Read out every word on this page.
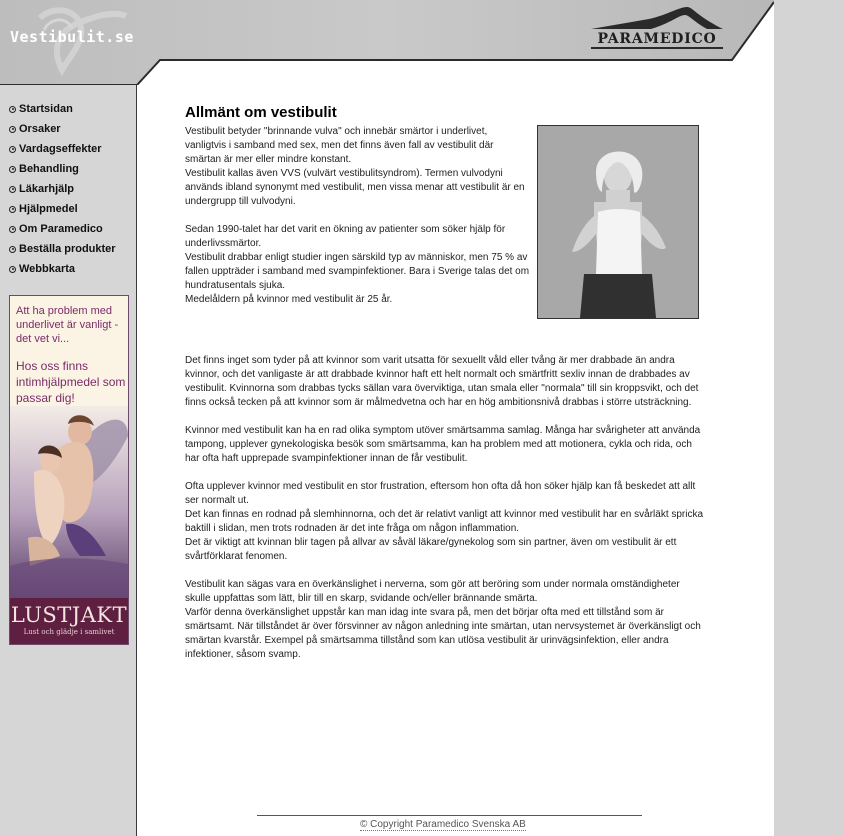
Vestibulit.se	PARAMEDICO
Startsidan
Orsaker
Vardagseffekter
Behandling
Läkarhjälp
Hjälpmedel
Om Paramedico
Beställa produkter
Webbkarta
Att ha problem med underlivet är vanligt - det vet vi...
Hos oss finns intimhjälpmedel som passar dig!
LUSTJAKT
Lust och glädje i samlivet
Allmänt om vestibulit

Vestibulit betyder "brinnande vulva" och innebär smärtor i underlivet, vanligtvis i samband med sex, men det finns även fall av vestibulit där smärtan är mer eller mindre konstant.

Vestibulit kallas även VVS (vulvärt vestibulitsyndrom). Termen vulvodyni används ibland synonymt med vestibulit, men vissa menar att vestibulit är en undergrupp till vulvodyni.

Sedan 1990-talet har det varit en ökning av patienter som söker hjälp för underlivssmärtor.

Vestibulit drabbar enligt studier ingen särskild typ av människor, men 75 % av fallen uppträder i samband med svampinfektioner. Bara i Sverige talas det om hundratusentals sjuka.

Medelåldern på kvinnor med vestibulit är 25 år.

Det finns inget som tyder på att kvinnor som varit utsatta för sexuellt våld eller tvång är mer drabbade än andra kvinnor, och det vanligaste är att drabbade kvinnor haft ett helt normalt och smärtfritt sexliv innan de drabbades av vestibulit. Kvinnorna som drabbas tycks sällan vara överviktiga, utan smala eller "normala" till sin kroppsvikt, och det finns också tecken på att kvinnor som är målmedvetna och har en hög ambitionsnivå drabbas i större utsträckning.

Kvinnor med vestibulit kan ha en rad olika symptom utöver smärtsamma samlag. Många har svårigheter att använda tampong, upplever gynekologiska besök som smärtsamma, kan ha problem med att motionera, cykla och rida, och har ofta haft upprepade svampinfektioner innan de får vestibulit.

Ofta upplever kvinnor med vestibulit en stor frustration, eftersom hon ofta då hon söker hjälp kan få beskedet att allt ser normalt ut.

Det kan finnas en rodnad på slemhinnorna, och det är relativt vanligt att kvinnor med vestibulit har en svårläkt spricka baktill i slidan, men trots rodnaden är det inte fråga om någon inflammation.

Det är viktigt att kvinnan blir tagen på allvar av såväl läkare/gynekolog som sin partner, även om vestibulit är ett svårtförklarat fenomen.

Vestibulit kan sägas vara en överkänslighet i nerverna, som gör att beröring som under normala omständigheter skulle uppfattas som lätt, blir till en skarp, svidande och/eller brännande smärta.

Varför denna överkänslighet uppstår kan man idag inte svara på, men det börjar ofta med ett tillstånd som är smärtsamt. När tillståndet är över försvinner av någon anledning inte smärtan, utan nervsystemet är överkänsligt och smärtan kvarstår. Exempel på smärtsamma tillstånd som kan utlösa vestibulit är urinvägsinfektion, eller andra infektioner, såsom svamp.

© Copyright Paramedico Svenska AB
